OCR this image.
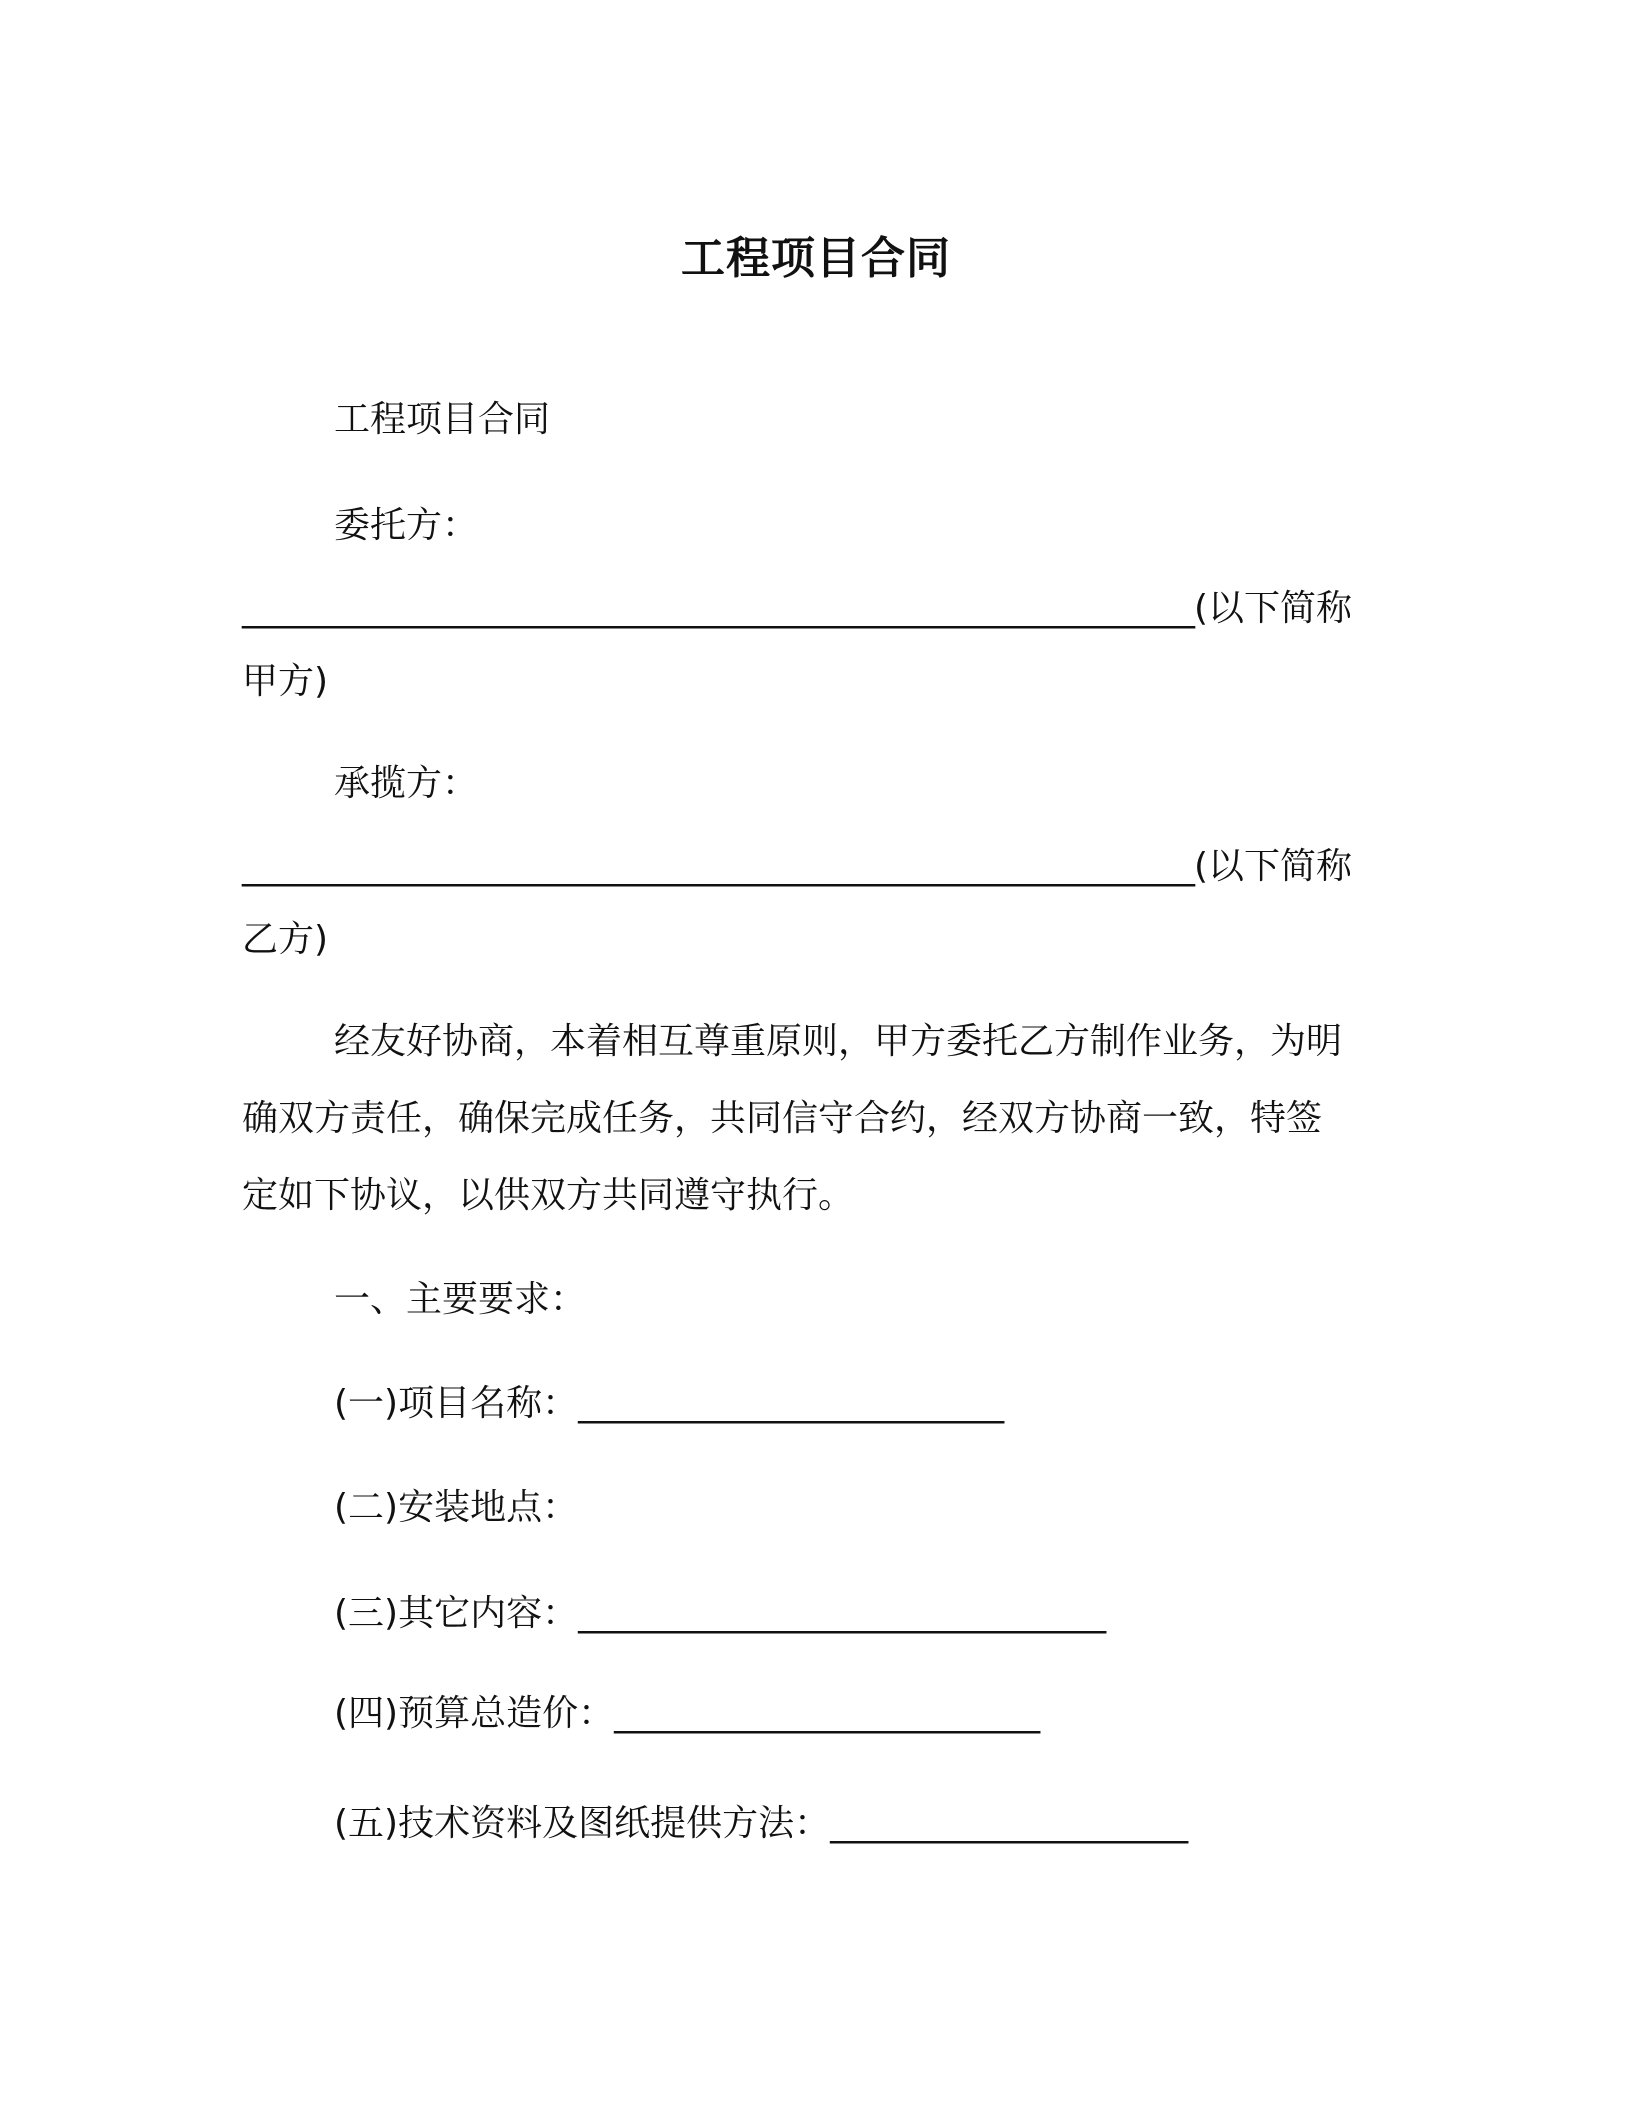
工程项目合同
工程项目合同
委托方：
________________________________________________________(以下简称
甲方)
承揽方：
________________________________________________________(以下简称
乙方)
经友好协商，本着相互尊重原则，甲方委托乙方制作业务，为明
确双方责任，确保完成任务，共同信守合约，经双方协商一致，特签
定如下协议，以供双方共同遵守执行。
一、主要要求：
(一)项目名称：_________________________
(二)安装地点：
(三)其它内容：_______________________________
(四)预算总造价：_________________________
(五)技术资料及图纸提供方法：_____________________
